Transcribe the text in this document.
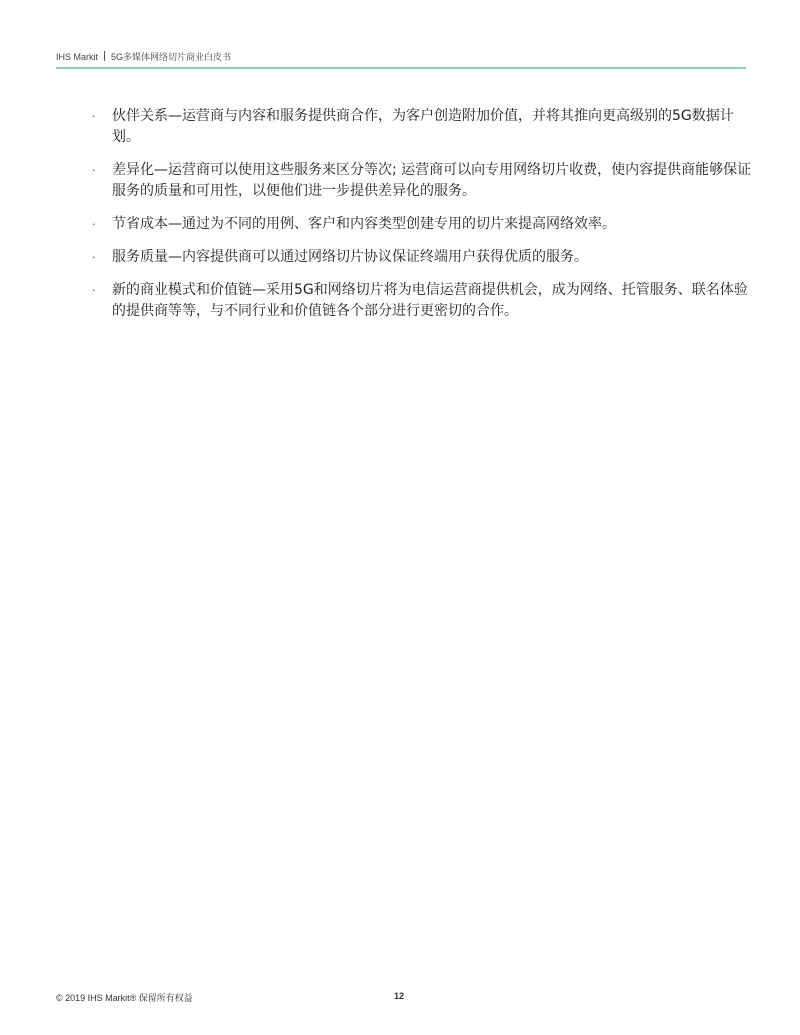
IHS Markit 5G多媒体网络切片商业白皮书
· 伙伴关系—运营商与内容和服务提供商合作，为客户创造附加价值，并将其推向更高级别的5G数据计划。
· 差异化—运营商可以使用这些服务来区分等次; 运营商可以向专用网络切片收费，使内容提供商能够保证服务的质量和可用性，以便他们进一步提供差异化的服务。
· 节省成本—通过为不同的用例、客户和内容类型创建专用的切片来提高网络效率。
· 服务质量—内容提供商可以通过网络切片协议保证终端用户获得优质的服务。
· 新的商业模式和价值链—采用5G和网络切片将为电信运营商提供机会，成为网络、托管服务、联名体验的提供商等等，与不同行业和价值链各个部分进行更密切的合作。
© 2019 IHS Markit® 保留所有权益	12
